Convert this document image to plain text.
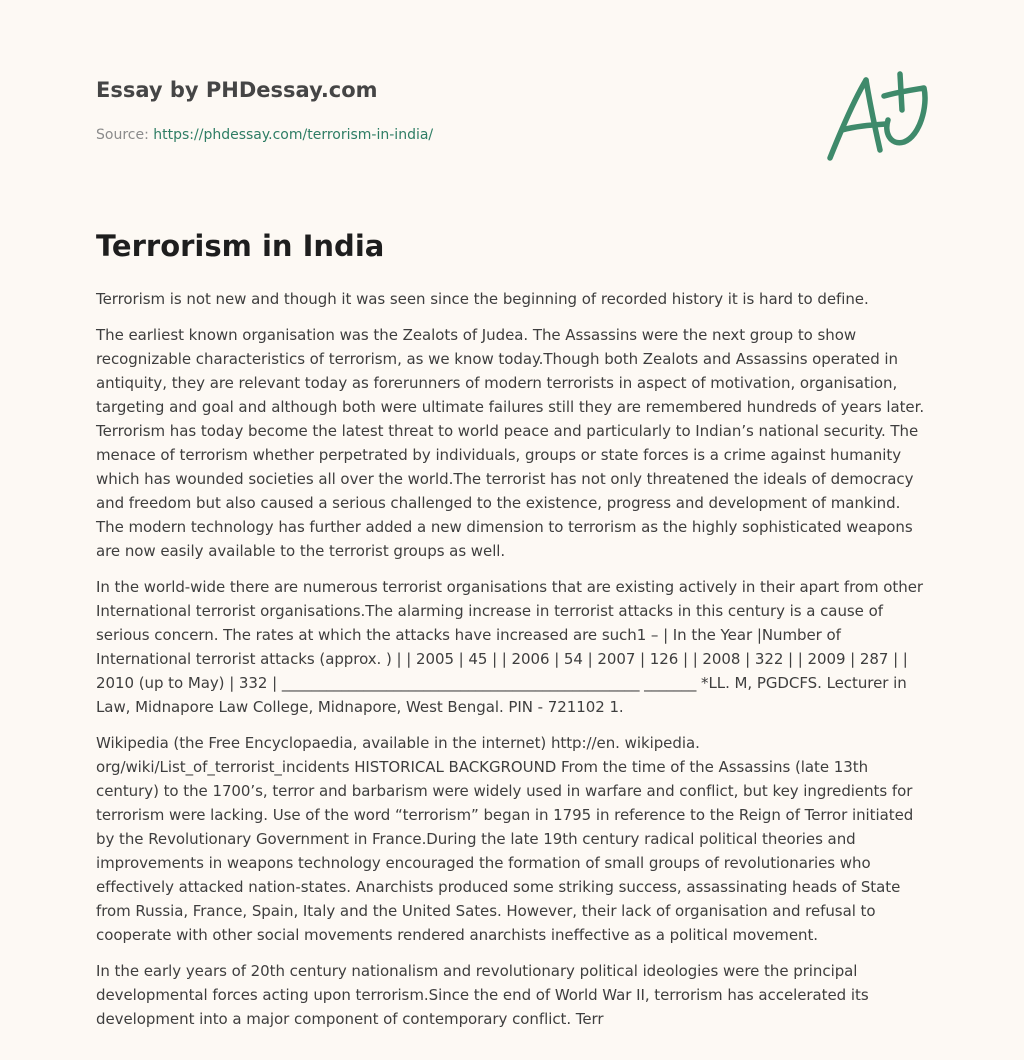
Essay by PHDessay.com
Source: https://phdessay.com/terrorism-in-india/
Terrorism in India

Terrorism is not new and though it was seen since the beginning of recorded history it is hard to define.

The earliest known organisation was the Zealots of Judea. The Assassins were the next group to show recognizable characteristics of terrorism, as we know today.Though both Zealots and Assassins operated in antiquity, they are relevant today as forerunners of modern terrorists in aspect of motivation, organisation, targeting and goal and although both were ultimate failures still they are remembered hundreds of years later. Terrorism has today become the latest threat to world peace and particularly to Indian’s national security. The menace of terrorism whether perpetrated by individuals, groups or state forces is a crime against humanity which has wounded societies all over the world.The terrorist has not only threatened the ideals of democracy and freedom but also caused a serious challenged to the existence, progress and development of mankind. The modern technology has further added a new dimension to terrorism as the highly sophisticated weapons are now easily available to the terrorist groups as well.

In the world-wide there are numerous terrorist organisations that are existing actively in their apart from other International terrorist organisations.The alarming increase in terrorist attacks in this century is a cause of serious concern. The rates at which the attacks have increased are such1 – | In the Year |Number of International terrorist attacks (approx. ) | | 2005 | 45 | | 2006 | 54 | 2007 | 126 | | 2008 | 322 | | 2009 | 287 | | 2010 (up to May) | 332 | ________________________________________________ _______ *LL. M, PGDCFS. Lecturer in Law, Midnapore Law College, Midnapore, West Bengal. PIN - 721102 1.

Wikipedia (the Free Encyclopaedia, available in the internet) http://en. wikipedia. org/wiki/List_of_terrorist_incidents HISTORICAL BACKGROUND From the time of the Assassins (late 13th century) to the 1700’s, terror and barbarism were widely used in warfare and conflict, but key ingredients for terrorism were lacking. Use of the word “terrorism” began in 1795 in reference to the Reign of Terror initiated by the Revolutionary Government in France.During the late 19th century radical political theories and improvements in weapons technology encouraged the formation of small groups of revolutionaries who effectively attacked nation-states. Anarchists produced some striking success, assassinating heads of State from Russia, France, Spain, Italy and the United Sates. However, their lack of organisation and refusal to cooperate with other social movements rendered anarchists ineffective as a political movement.

In the early years of 20th century nationalism and revolutionary political ideologies were the principal developmental forces acting upon terrorism.Since the end of World War II, terrorism has accelerated its development into a major component of contemporary conflict. Terr
